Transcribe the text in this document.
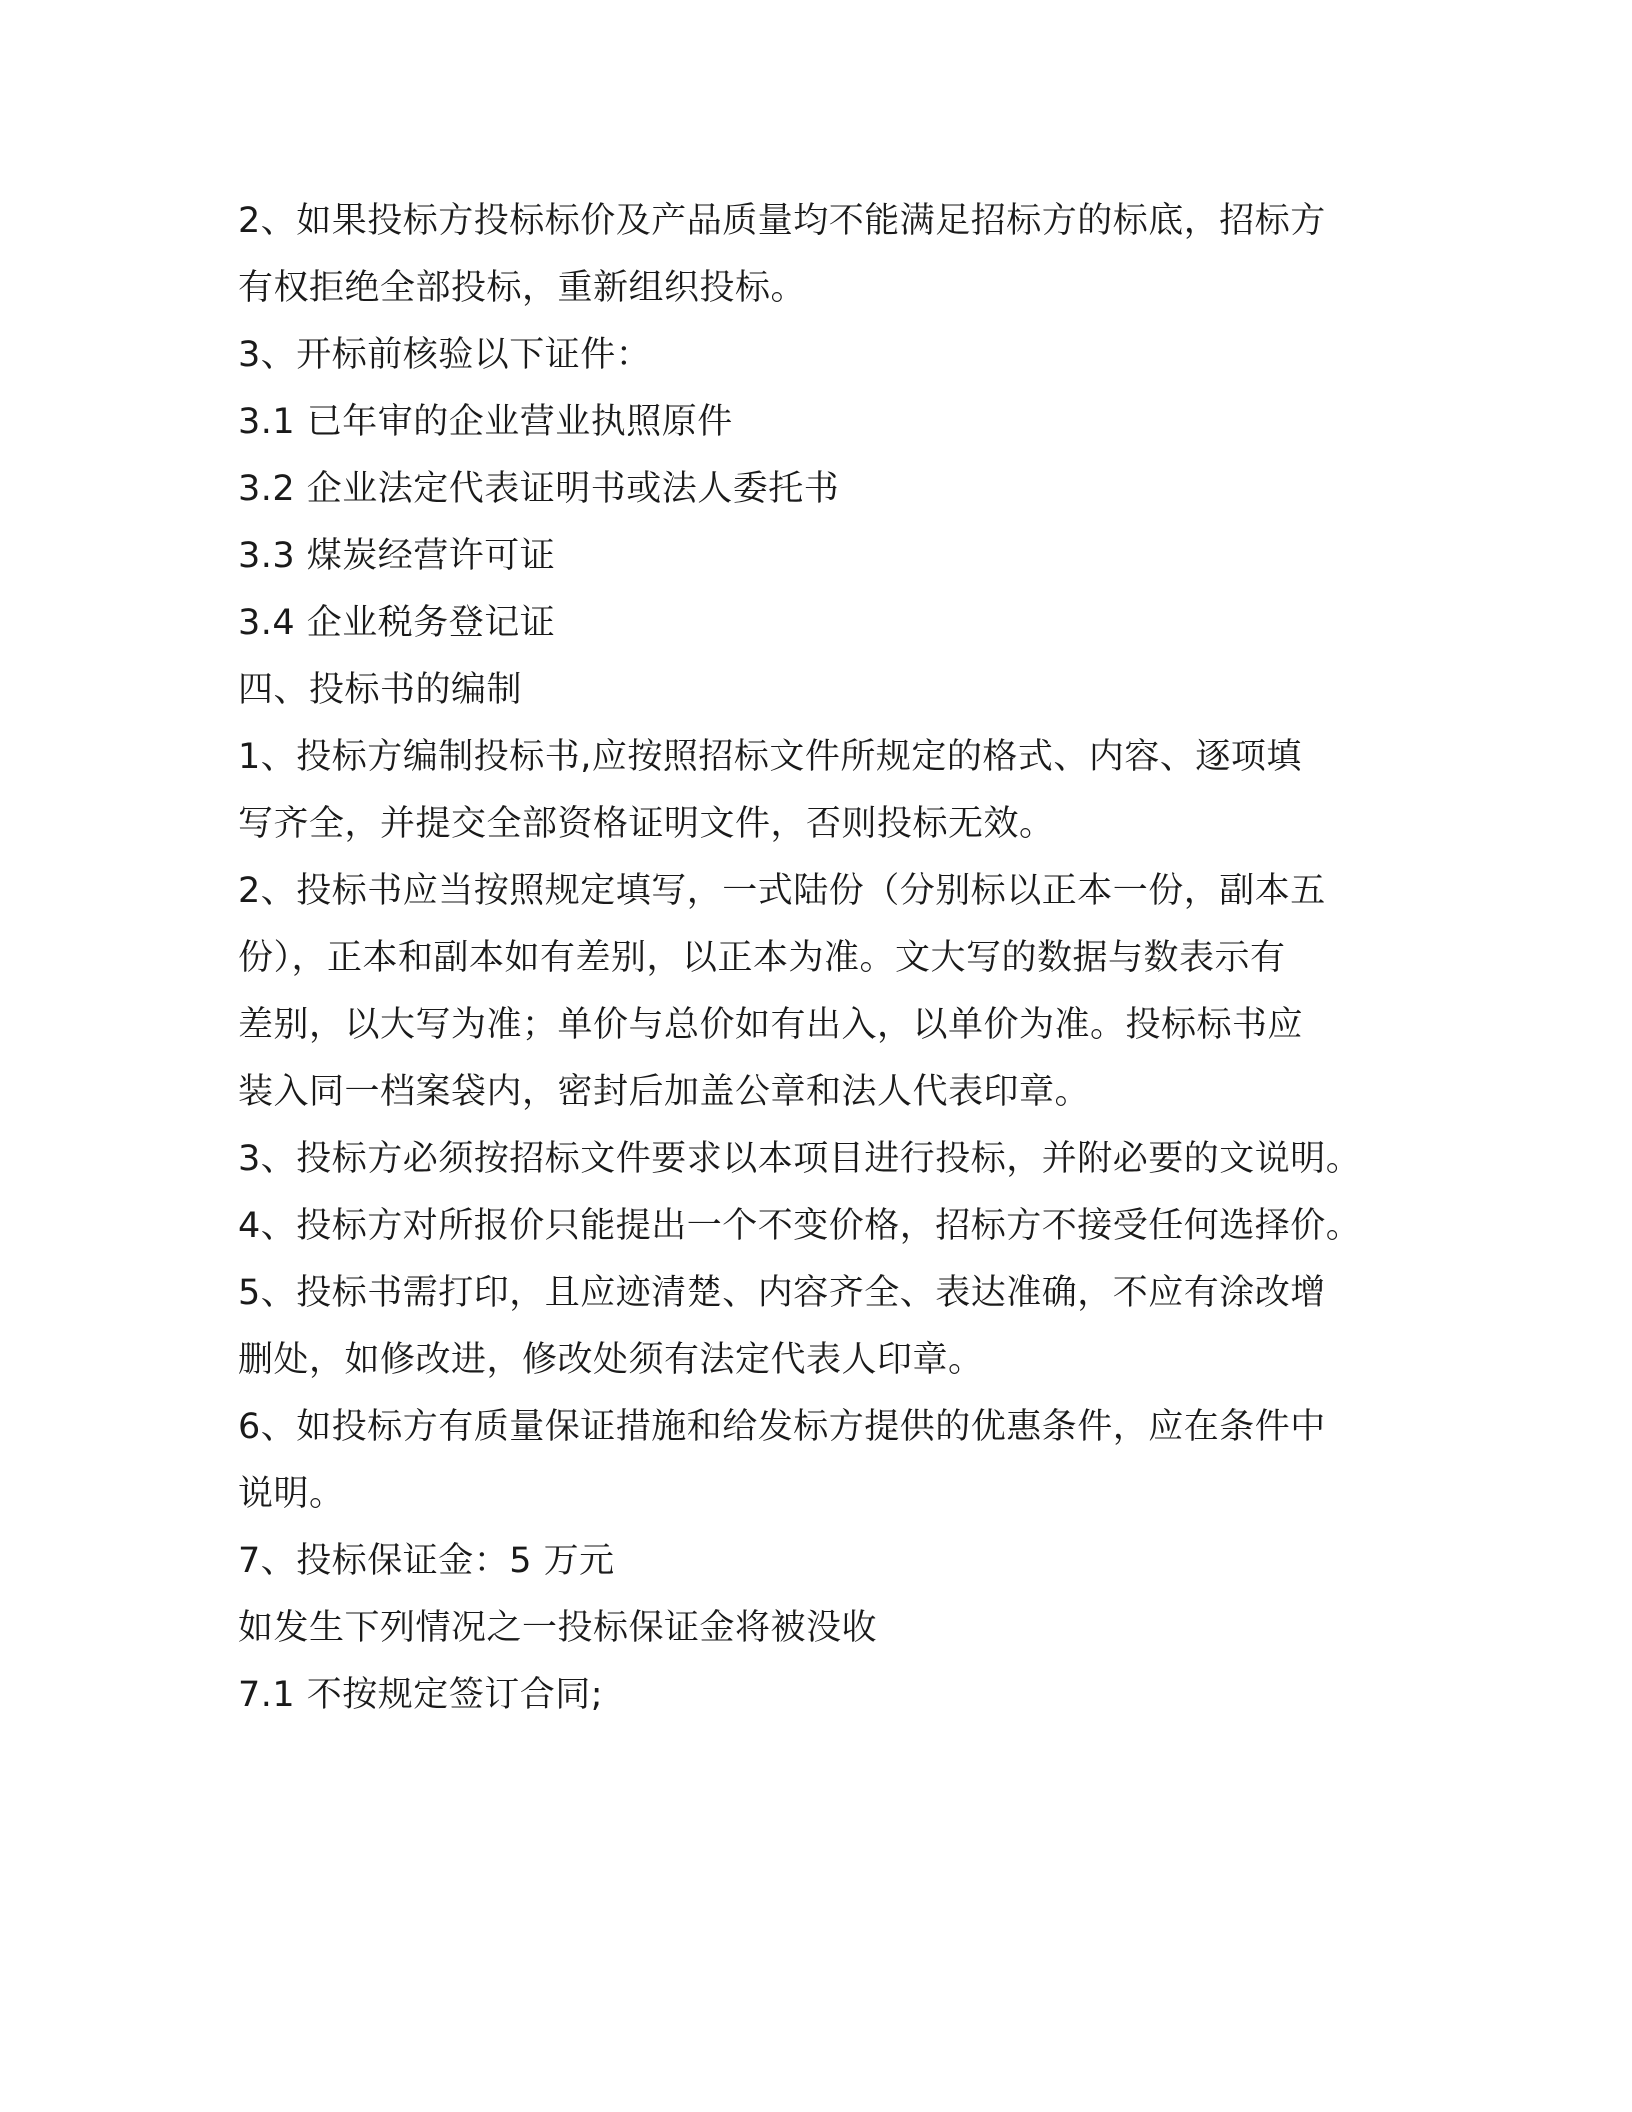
2、如果投标方投标标价及产品质量均不能满足招标方的标底，招标方
有权拒绝全部投标，重新组织投标。
3、开标前核验以下证件：
3.1 已年审的企业营业执照原件
3.2 企业法定代表证明书或法人委托书
3.3 煤炭经营许可证
3.4 企业税务登记证
四、投标书的编制
1、投标方编制投标书,应按照招标文件所规定的格式、内容、逐项填
写齐全，并提交全部资格证明文件，否则投标无效。
2、投标书应当按照规定填写，一式陆份（分别标以正本一份，副本五
份），正本和副本如有差别，以正本为准。文大写的数据与数表示有
差别，以大写为准；单价与总价如有出入，以单价为准。投标标书应
装入同一档案袋内，密封后加盖公章和法人代表印章。
3、投标方必须按招标文件要求以本项目进行投标，并附必要的文说明。
4、投标方对所报价只能提出一个不变价格，招标方不接受任何选择价。
5、投标书需打印，且应迹清楚、内容齐全、表达准确，不应有涂改增
删处，如修改进，修改处须有法定代表人印章。
6、如投标方有质量保证措施和给发标方提供的优惠条件，应在条件中
说明。
7、投标保证金：5 万元
如发生下列情况之一投标保证金将被没收
7.1 不按规定签订合同;
